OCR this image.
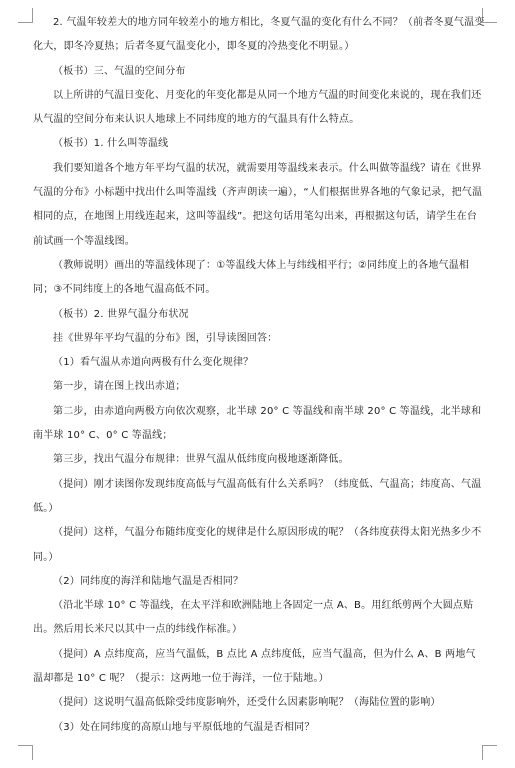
2. 气温年较差大的地方同年较差小的地方相比，冬夏气温的变化有什么不同？（前者冬夏气温变化大，即冬冷夏热；后者冬夏气温变化小，即冬夏的冷热变化不明显。）

（板书）三、气温的空间分布

以上所讲的气温日变化、月变化的年变化都是从同一个地方气温的时间变化来说的，现在我们还从气温的空间分布来认识人地球上不同纬度的地方的气温具有什么特点。

（板书）1. 什么叫等温线

我们要知道各个地方年平均气温的状况，就需要用等温线来表示。什么叫做等温线？请在《世界气温的分布》小标题中找出什么叫等温线（齐声朗读一遍），“人们根据世界各地的气象记录，把气温相同的点，在地图上用线连起来，这叫等温线”。把这句话用笔勾出来，再根据这句话，请学生在台前试画一个等温线图。

（教师说明）画出的等温线体现了：①等温线大体上与纬线相平行；②同纬度上的各地气温相同；③不同纬度上的各地气温高低不同。

（板书）2. 世界气温分布状况

挂《世界年平均气温的分布》图，引导读图回答：

（1）看气温从赤道向两极有什么变化规律？

第一步，请在图上找出赤道；

第二步，由赤道向两极方向依次观察，北半球 20° C 等温线和南半球 20° C 等温线，北半球和南半球 10° C、0° C 等温线；

第三步，找出气温分布规律：世界气温从低纬度向极地逐渐降低。

（提问）刚才读图你发现纬度高低与气温高低有什么关系吗？（纬度低、气温高；纬度高、气温低。）

（提问）这样，气温分布随纬度变化的规律是什么原因形成的呢？（各纬度获得太阳光热多少不同。）

（2）同纬度的海洋和陆地气温是否相同？

（沿北半球 10° C 等温线，在太平洋和欧洲陆地上各固定一点 A、B。用红纸剪两个大圆点贴出。然后用长米尺以其中一点的纬线作标准。）

（提问）A 点纬度高，应当气温低，B 点比 A 点纬度低，应当气温高，但为什么 A、B 两地气温却都是 10° C 呢？（提示：这两地一位于海洋，一位于陆地。）

（提问）这说明气温高低除受纬度影响外，还受什么因素影响呢？（海陆位置的影响）

（3）处在同纬度的高原山地与平原低地的气温是否相同？
